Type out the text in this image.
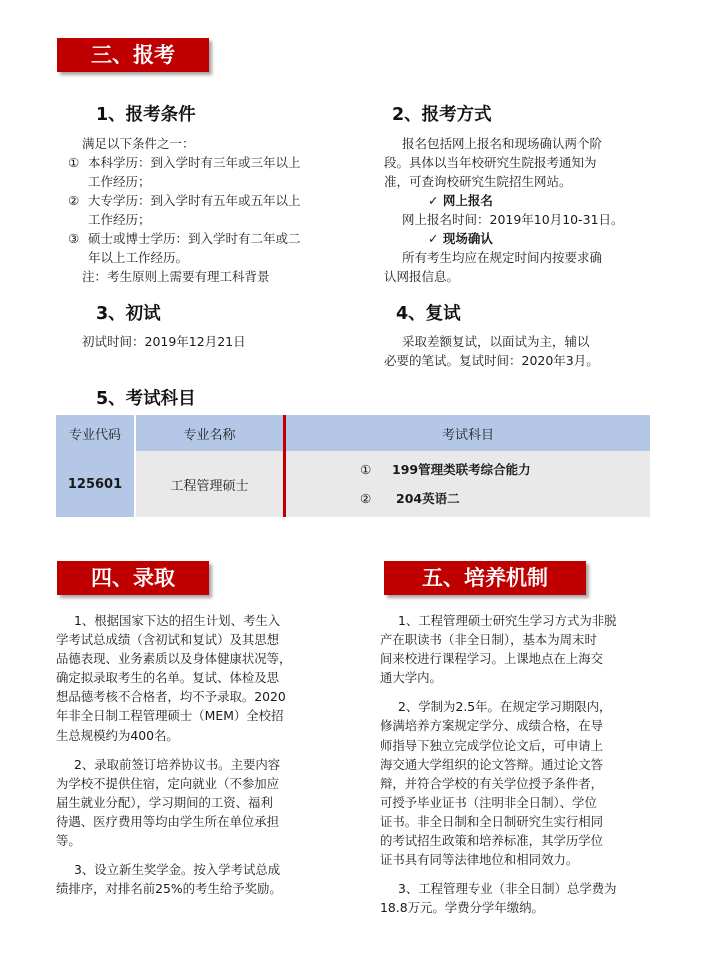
三、报考
1、报考条件
满足以下条件之一：
① 本科学历：到入学时有三年或三年以上
工作经历；
② 大专学历：到入学时有五年或五年以上
工作经历；
③ 硕士或博士学历：到入学时有二年或二
年以上工作经历。
注：考生原则上需要有理工科背景
2、报考方式
报名包括网上报名和现场确认两个阶
段。具体以当年校研究生院报考通知为
准，可查询校研究生院招生网站。
✓ 网上报名
网上报名时间：2019年10月10-31日。
✓ 现场确认
所有考生均应在规定时间内按要求确
认网报信息。
3、初试
初试时间：2019年12月21日
4、复试
采取差额复试，以面试为主，辅以
必要的笔试。复试时间：2020年3月。
5、考试科目
专业代码	专业名称	考试科目
125601	工程管理硕士	① 199管理类联考综合能力
② 204英语二
四、录取	五、培养机制
1、根据国家下达的招生计划、考生入
学考试总成绩（含初试和复试）及其思想
品德表现、业务素质以及身体健康状况等，
确定拟录取考生的名单。复试、体检及思
想品德考核不合格者，均不予录取。2020
年非全日制工程管理硕士（MEM）全校招
生总规模约为400名。
2、录取前签订培养协议书。主要内容
为学校不提供住宿，定向就业（不参加应
届生就业分配），学习期间的工资、福利
待遇、医疗费用等均由学生所在单位承担
等。
3、设立新生奖学金。按入学考试总成
绩排序，对排名前25%的考生给予奖励。
1、工程管理硕士研究生学习方式为非脱
产在职读书（非全日制），基本为周末时
间来校进行课程学习。上课地点在上海交
通大学内。
2、学制为2.5年。在规定学习期限内，
修满培养方案规定学分、成绩合格，在导
师指导下独立完成学位论文后，可申请上
海交通大学组织的论文答辩。通过论文答
辩，并符合学校的有关学位授予条件者，
可授予毕业证书（注明非全日制）、学位
证书。非全日制和全日制研究生实行相同
的考试招生政策和培养标准，其学历学位
证书具有同等法律地位和相同效力。
3、工程管理专业（非全日制）总学费为
18.8万元。学费分学年缴纳。
